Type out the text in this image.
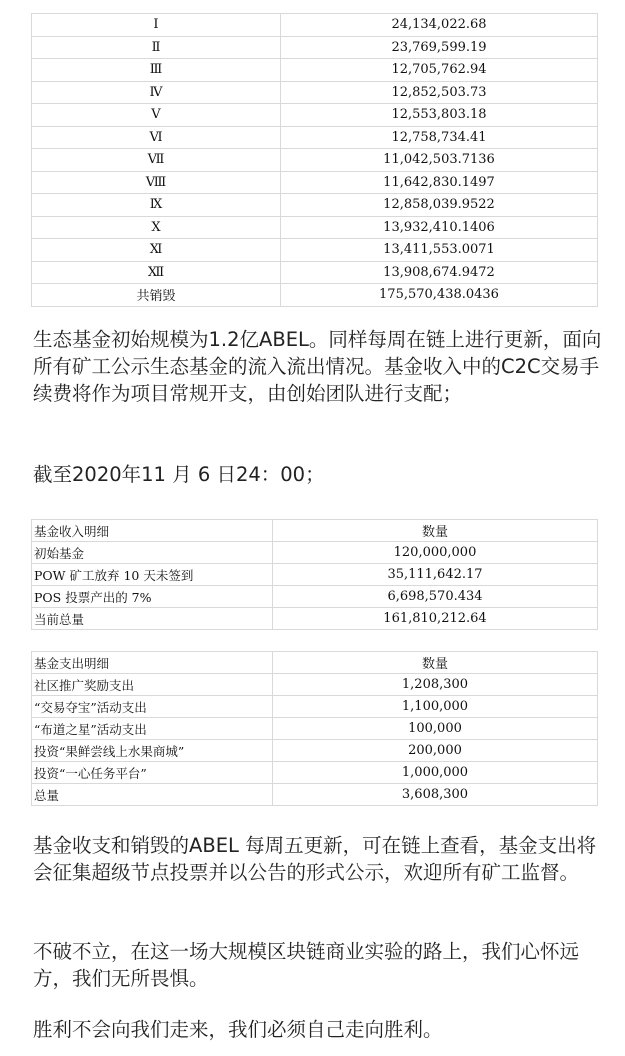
Ⅰ	24,134,022.68
Ⅱ	23,769,599.19
Ⅲ	12,705,762.94
Ⅳ	12,852,503.73
Ⅴ	12,553,803.18
Ⅵ	12,758,734.41
Ⅶ	11,042,503.7136
Ⅷ	11,642,830.1497
Ⅸ	12,858,039.9522
Ⅹ	13,932,410.1406
Ⅺ	13,411,553.0071
Ⅻ	13,908,674.9472
共销毁	175,570,438.0436
生态基金初始规模为1.2亿ABEL。同样每周在链上进行更新，面向所有矿工公示生态基金的流入流出情况。基金收入中的C2C交易手续费将作为项目常规开支，由创始团队进行支配；
截至2020年11 月 6 日24：00；
基金收入明细	数量
初始基金	120,000,000
POW 矿工放弃 10 天未签到	35,111,642.17
POS 投票产出的 7%	6,698,570.434
当前总量	161,810,212.64
基金支出明细	数量
社区推广奖励支出	1,208,300
“交易夺宝”活动支出	1,100,000
“布道之星”活动支出	100,000
投资“果鲜尝线上水果商城”	200,000
投资“一心任务平台”	1,000,000
总量	3,608,300
基金收支和销毁的ABEL 每周五更新，可在链上查看，基金支出将会征集超级节点投票并以公告的形式公示，欢迎所有矿工监督。
不破不立，在这一场大规模区块链商业实验的路上，我们心怀远方，我们无所畏惧。
胜利不会向我们走来，我们必须自己走向胜利。
